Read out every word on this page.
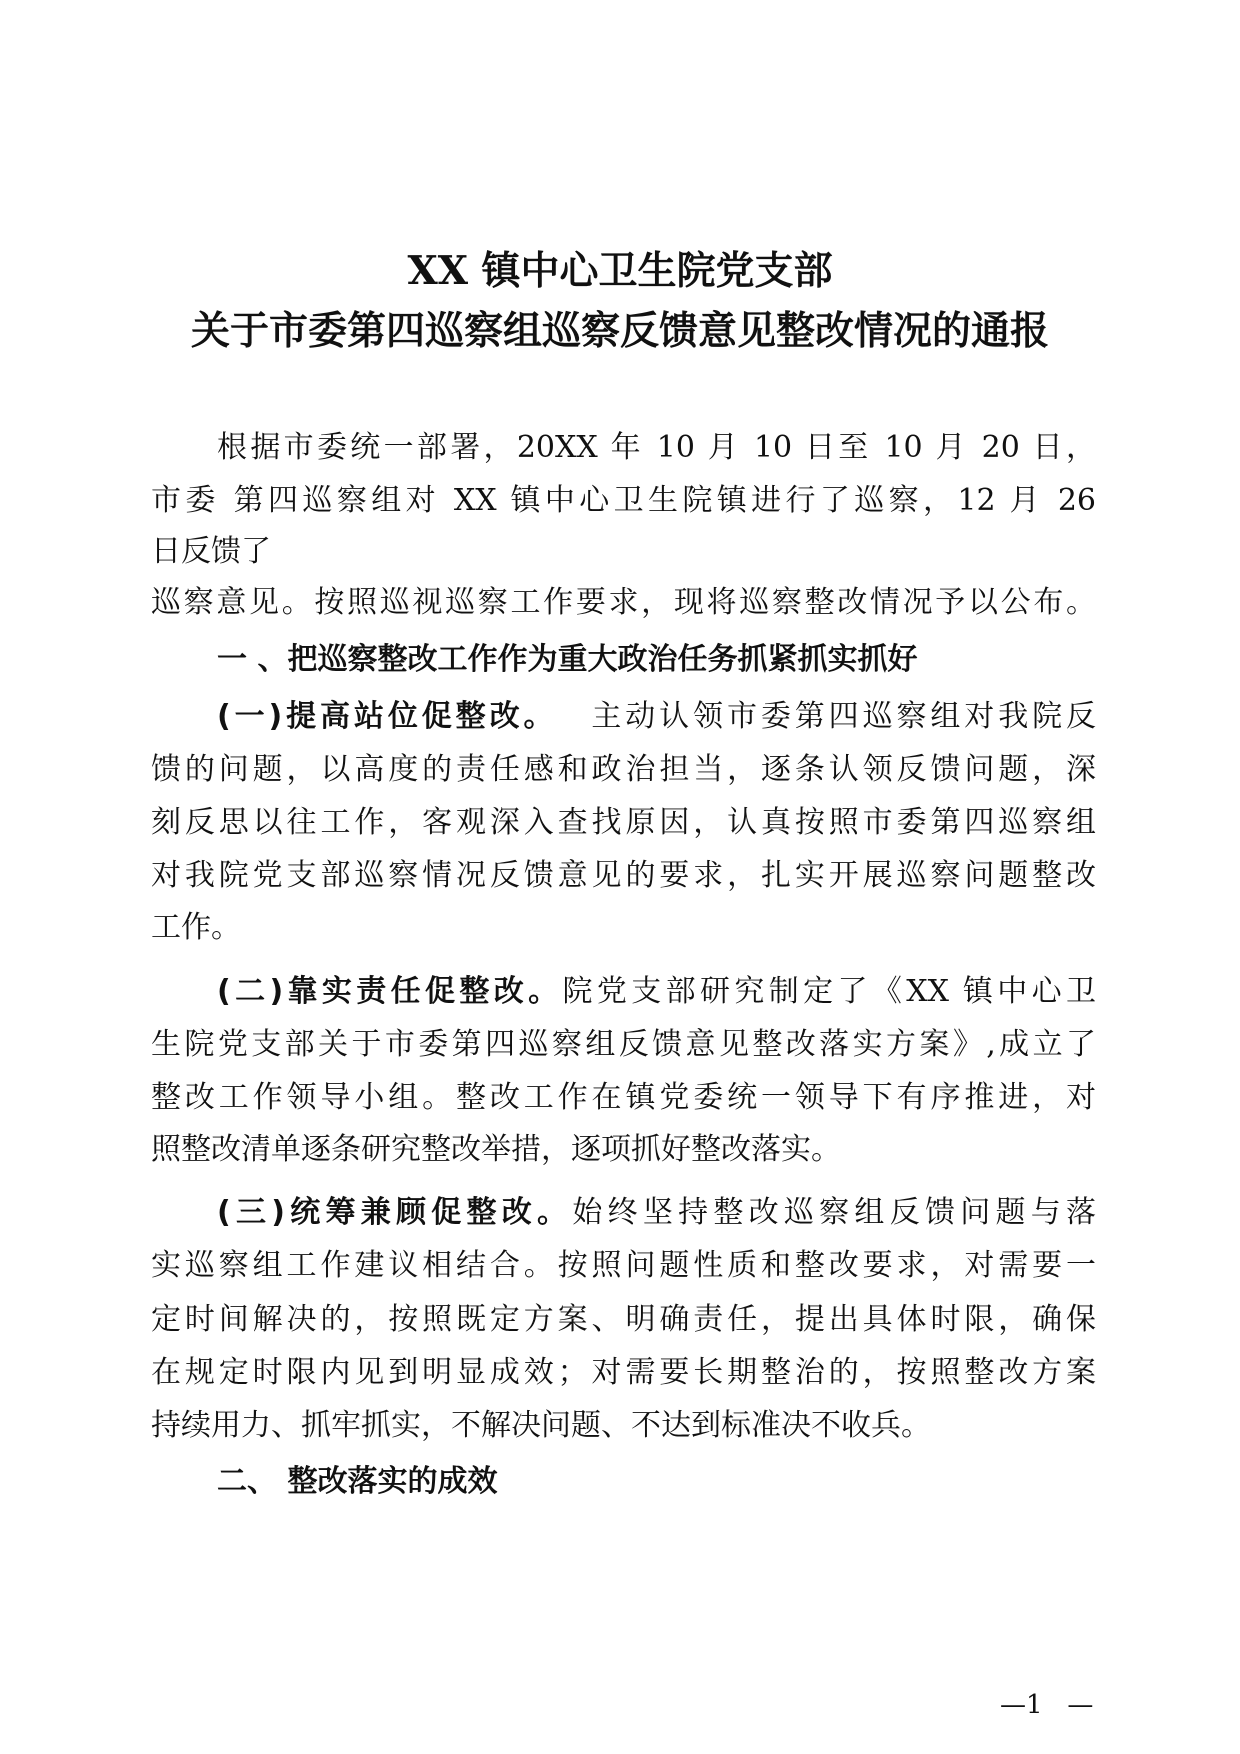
XX 镇中心卫生院党支部
关于市委第四巡察组巡察反馈意见整改情况的通报
根据市委统一部署，20XX 年 10 月 10 日至 10 月 20 日，
市委 第四巡察组对 XX 镇中心卫生院镇进行了巡察，12 月 26
日反馈了
巡察意见。按照巡视巡察工作要求，现将巡察整改情况予以公布。
一 、把巡察整改工作作为重大政治任务抓紧抓实抓好
(一)提高站位促整改。  主动认领市委第四巡察组对我院反
馈的问题，以高度的责任感和政治担当，逐条认领反馈问题，深
刻反思以往工作，客观深入查找原因，认真按照市委第四巡察组
对我院党支部巡察情况反馈意见的要求，扎实开展巡察问题整改
工作。
(二)靠实责任促整改。院党支部研究制定了《XX 镇中心卫
生院党支部关于市委第四巡察组反馈意见整改落实方案》,成立了
整改工作领导小组。整改工作在镇党委统一领导下有序推进，对
照整改清单逐条研究整改举措，逐项抓好整改落实。
(三)统筹兼顾促整改。始终坚持整改巡察组反馈问题与落
实巡察组工作建议相结合。按照问题性质和整改要求，对需要一
定时间解决的，按照既定方案、明确责任，提出具体时限，确保
在规定时限内见到明显成效；对需要长期整治的，按照整改方案
持续用力、抓牢抓实，不解决问题、不达到标准决不收兵。
二、 整改落实的成效
—1   —
